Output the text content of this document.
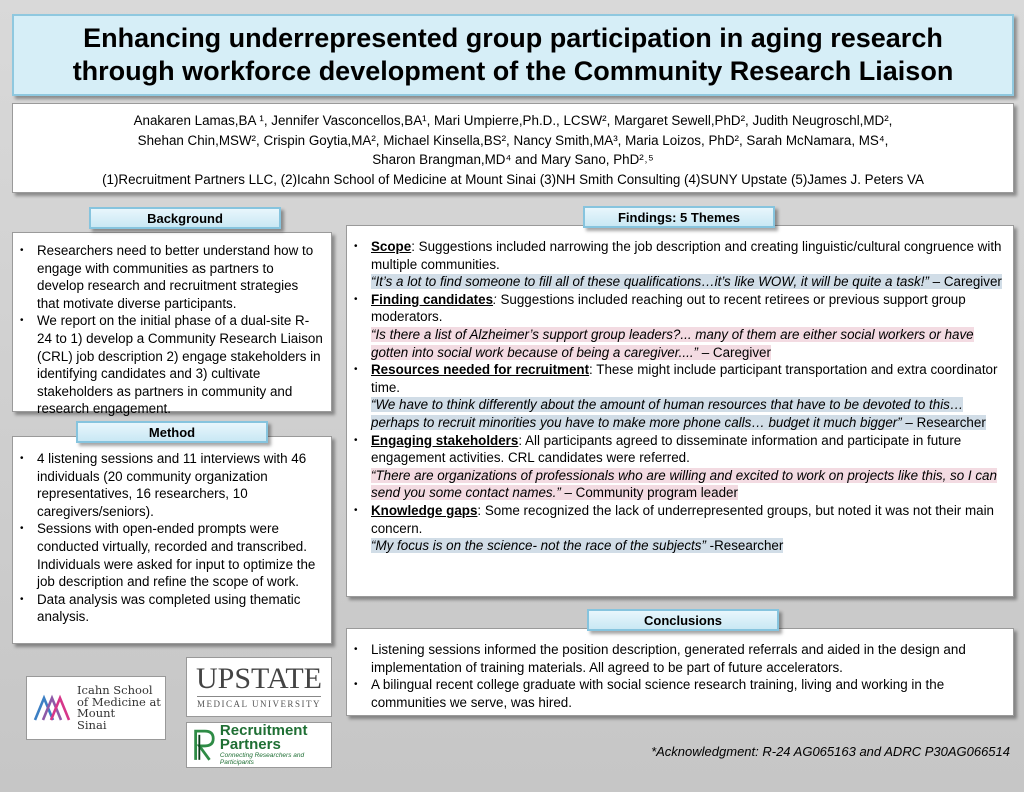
Enhancing underrepresented group participation in aging research
through workforce development of the Community Research Liaison

Anakaren Lamas,BA ¹, Jennifer Vasconcellos,BA¹, Mari Umpierre,Ph.D., LCSW², Margaret Sewell,PhD², Judith Neugroschl,MD²,

Shehan Chin,MSW², Crispin Goytia,MA², Michael Kinsella,BS², Nancy Smith,MA³, Maria Loizos, PhD², Sarah McNamara, MS⁴,

Sharon Brangman,MD⁴ and Mary Sano, PhD²˒⁵

(1)Recruitment Partners LLC, (2)Icahn School of Medicine at Mount Sinai (3)NH Smith Consulting (4)SUNY Upstate (5)James J. Peters VA

Background
• Researchers need to better understand how to engage with communities as partners to develop research and recruitment strategies that motivate diverse participants.
• We report on the initial phase of a dual-site R-24 to 1) develop a Community Research Liaison (CRL) job description 2) engage stakeholders in identifying candidates and 3) cultivate stakeholders as partners in community and research engagement.
Method
• 4 listening sessions and 11 interviews with 46 individuals (20 community organization representatives, 16 researchers, 10 caregivers/seniors).
• Sessions with open-ended prompts were conducted virtually, recorded and transcribed. Individuals were asked for input to optimize the job description and refine the scope of work.
• Data analysis was completed using thematic analysis.
Findings: 5 Themes
• Scope: Suggestions included narrowing the job description and creating linguistic/cultural congruence with multiple communities.
“It’s a lot to find someone to fill all of these qualifications…it’s like WOW, it will be quite a task!” – Caregiver
• Finding candidates: Suggestions included reaching out to recent retirees or previous support group moderators.
“Is there a list of Alzheimer’s support group leaders?... many of them are either social workers or have gotten into social work because of being a caregiver....” – Caregiver
• Resources needed for recruitment: These might include participant transportation and extra coordinator time.
“We have to think differently about the amount of human resources that have to be devoted to this…perhaps to recruit minorities you have to make more phone calls… budget it much bigger” – Researcher
• Engaging stakeholders: All participants agreed to disseminate information and participate in future engagement activities. CRL candidates were referred.
“There are organizations of professionals who are willing and excited to work on projects like this, so I can send you some contact names.” – Community program leader
• Knowledge gaps: Some recognized the lack of underrepresented groups, but noted it was not their main concern.
“My focus is on the science- not the race of the subjects” -Researcher
Conclusions
• Listening sessions informed the position description, generated referrals and aided in the design and implementation of training materials. All agreed to be part of future accelerators.
• A bilingual recent college graduate with social science research training, living and working in the communities we serve, was hired.
Icahn School
of Medicine at
Mount
Sinai
UPSTATE
MEDICAL UNIVERSITY
Recruitment
Partners
Connecting Researchers and Participants
*Acknowledgment: R-24 AG065163 and ADRC P30AG066514
